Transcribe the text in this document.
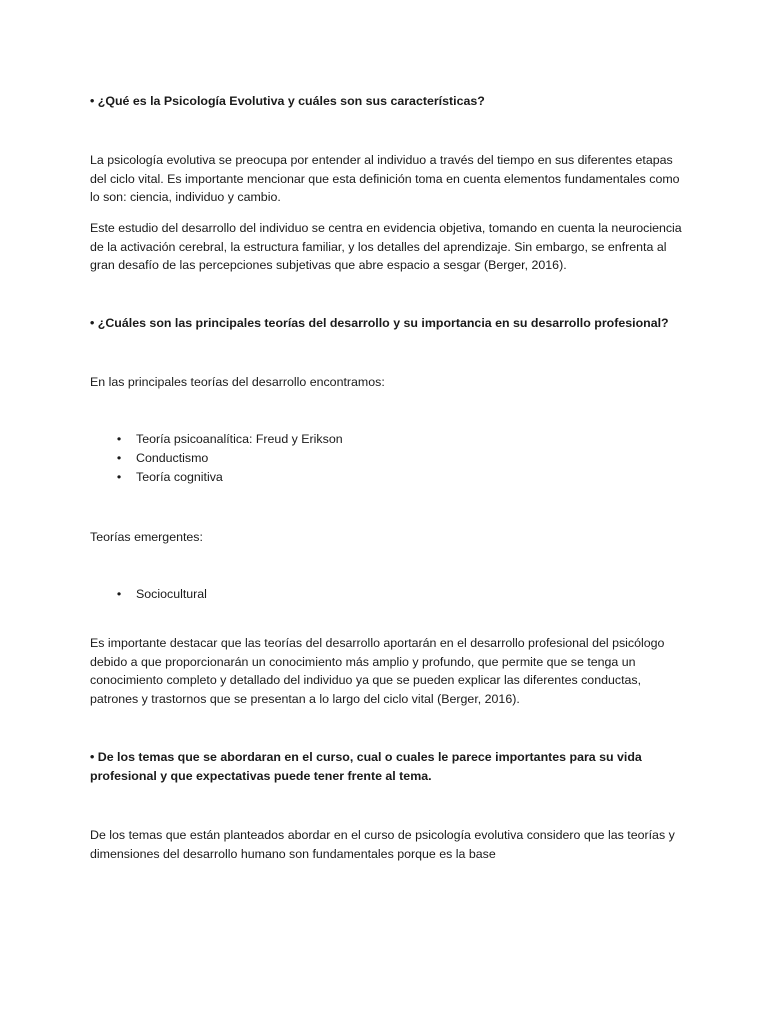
• ¿Qué es la Psicología Evolutiva y cuáles son sus características?

La psicología evolutiva se preocupa por entender al individuo a través del tiempo en sus diferentes etapas del ciclo vital. Es importante mencionar que esta definición toma en cuenta elementos fundamentales como lo son: ciencia, individuo y cambio.

Este estudio del desarrollo del individuo se centra en evidencia objetiva, tomando en cuenta la neurociencia de la activación cerebral, la estructura familiar, y los detalles del aprendizaje. Sin embargo, se enfrenta al gran desafío de las percepciones subjetivas que abre espacio a sesgar (Berger, 2016).

• ¿Cuáles son las principales teorías del desarrollo y su importancia en su desarrollo profesional?

En las principales teorías del desarrollo encontramos:

• Teoría psicoanalítica: Freud y Erikson
• Conductismo
• Teoría cognitiva

Teorías emergentes:

• Sociocultural

Es importante destacar que las teorías del desarrollo aportarán en el desarrollo profesional del psicólogo debido a que proporcionarán un conocimiento más amplio y profundo, que permite que se tenga un conocimiento completo y detallado del individuo ya que se pueden explicar las diferentes conductas, patrones y trastornos que se presentan a lo largo del ciclo vital (Berger, 2016).

• De los temas que se abordaran en el curso, cual o cuales le parece importantes para su vida profesional y que expectativas puede tener frente al tema.

De los temas que están planteados abordar en el curso de psicología evolutiva considero que las teorías y dimensiones del desarrollo humano son fundamentales porque es la base
